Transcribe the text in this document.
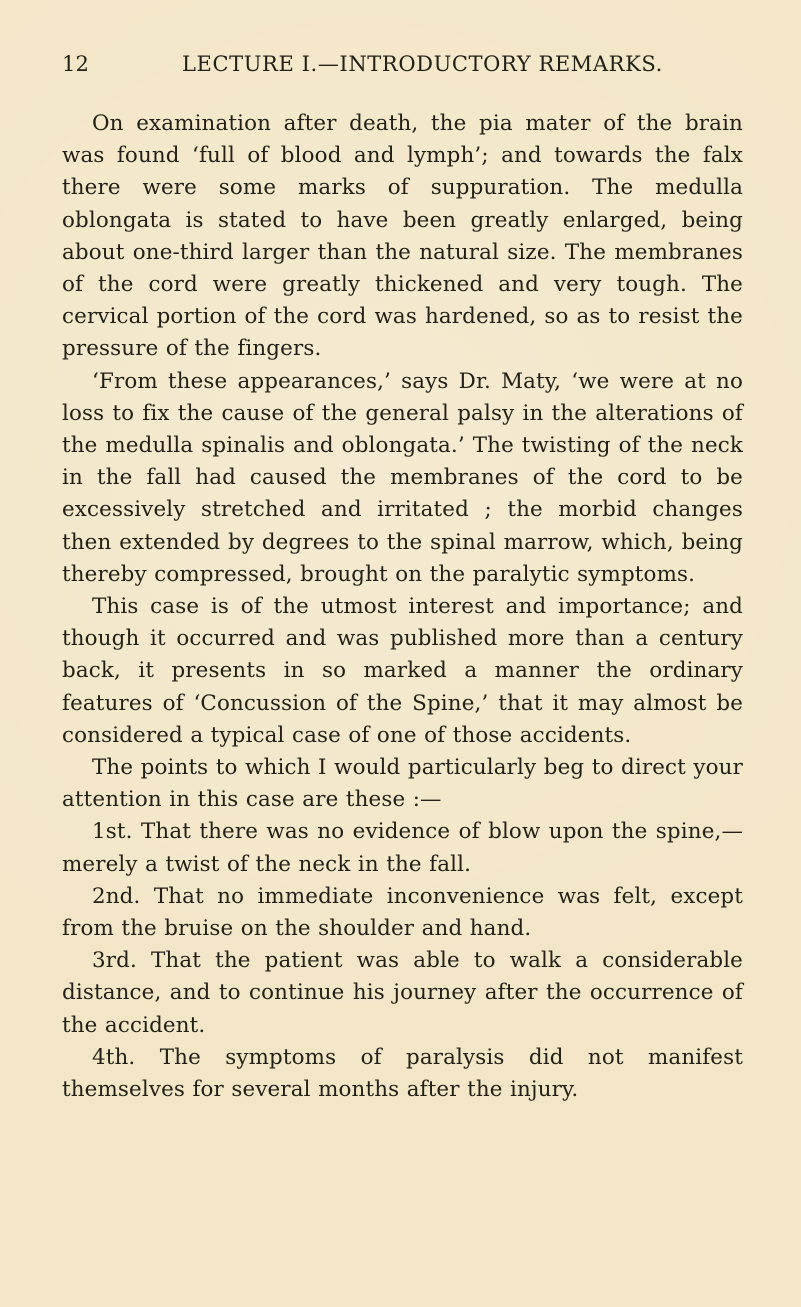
12	LECTURE I.—INTRODUCTORY REMARKS.

On examination after death, the pia mater of the brain was found ‘full of blood and lymph’; and towards the falx there were some marks of suppuration. The medulla oblongata is stated to have been greatly enlarged, being about one-third larger than the natural size. The membranes of the cord were greatly thickened and very tough. The cervical portion of the cord was hardened, so as to resist the pressure of the fingers.

‘From these appearances,’ says Dr. Maty, ‘we were at no loss to fix the cause of the general palsy in the alterations of the medulla spinalis and oblongata.’ The twisting of the neck in the fall had caused the membranes of the cord to be excessively stretched and irritated ; the morbid changes then extended by degrees to the spinal marrow, which, being thereby compressed, brought on the paralytic symptoms.

This case is of the utmost interest and importance; and though it occurred and was published more than a century back, it presents in so marked a manner the ordinary features of ‘Concussion of the Spine,’ that it may almost be considered a typical case of one of those accidents.

The points to which I would particularly beg to direct your attention in this case are these :—

1st. That there was no evidence of blow upon the spine,—merely a twist of the neck in the fall.

2nd. That no immediate inconvenience was felt, except from the bruise on the shoulder and hand.

3rd. That the patient was able to walk a considerable distance, and to continue his journey after the occurrence of the accident.

4th. The symptoms of paralysis did not manifest themselves for several months after the injury.
